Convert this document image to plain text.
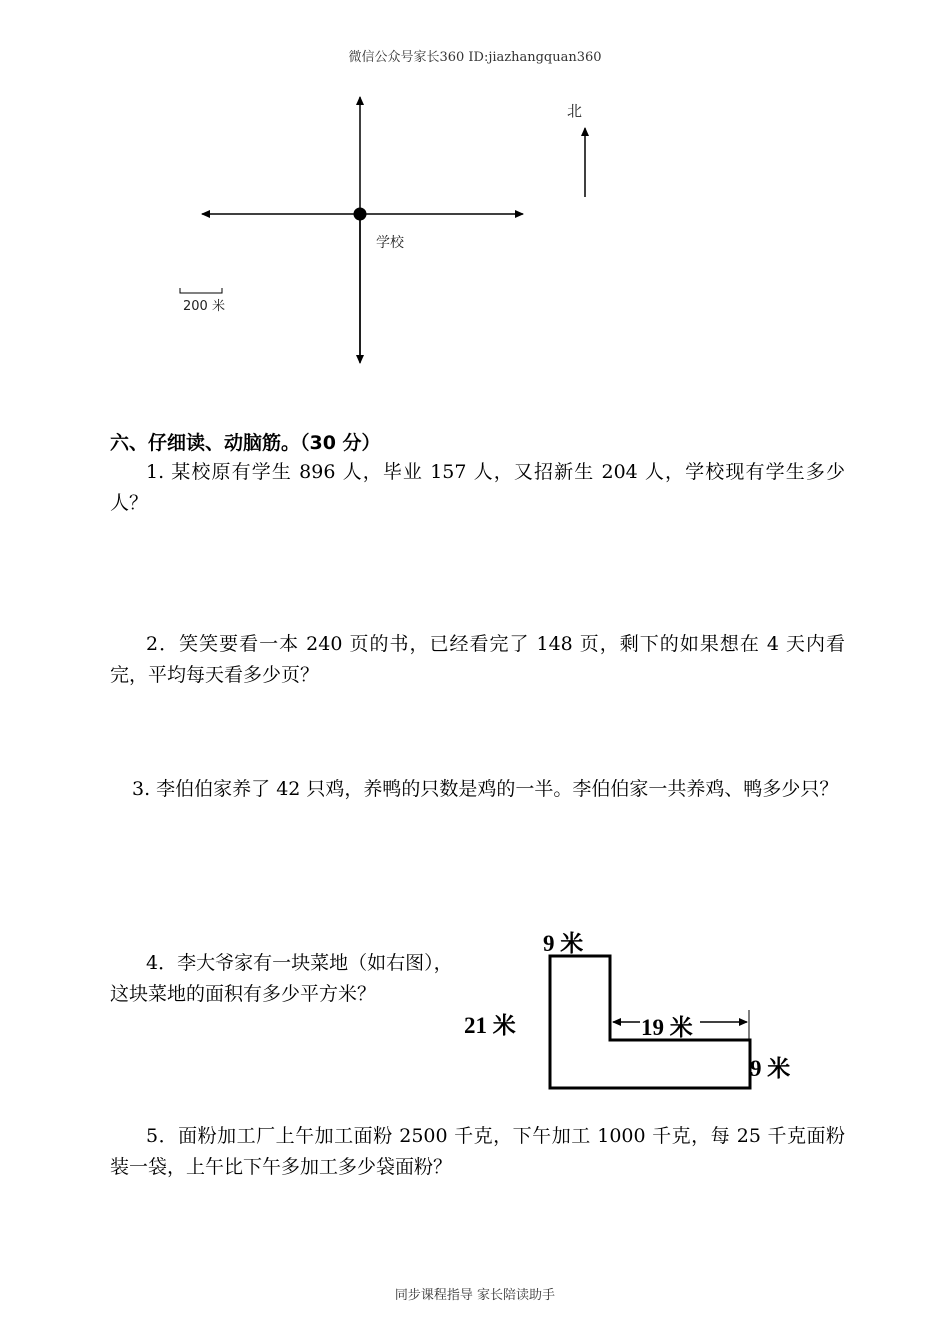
微信公众号家长360 ID:jiazhangquan360
北
学校
200 米
六、仔细读、动脑筋。（30 分）
1. 某校原有学生 896 人，毕业 157 人，又招新生 204 人，学校现有学生多少人？
2．笑笑要看一本 240 页的书，已经看完了 148 页，剩下的如果想在 4 天内看完，平均每天看多少页？
3. 李伯伯家养了 42 只鸡，养鸭的只数是鸡的一半。李伯伯家一共养鸡、鸭多少只？
4．李大爷家有一块菜地（如右图），
这块菜地的面积有多少平方米？
5．面粉加工厂上午加工面粉 2500 千克，下午加工 1000 千克，每 25 千克面粉装一袋，上午比下午多加工多少袋面粉？
9 米
21 米	19 米
9 米
同步课程指导 家长陪读助手
